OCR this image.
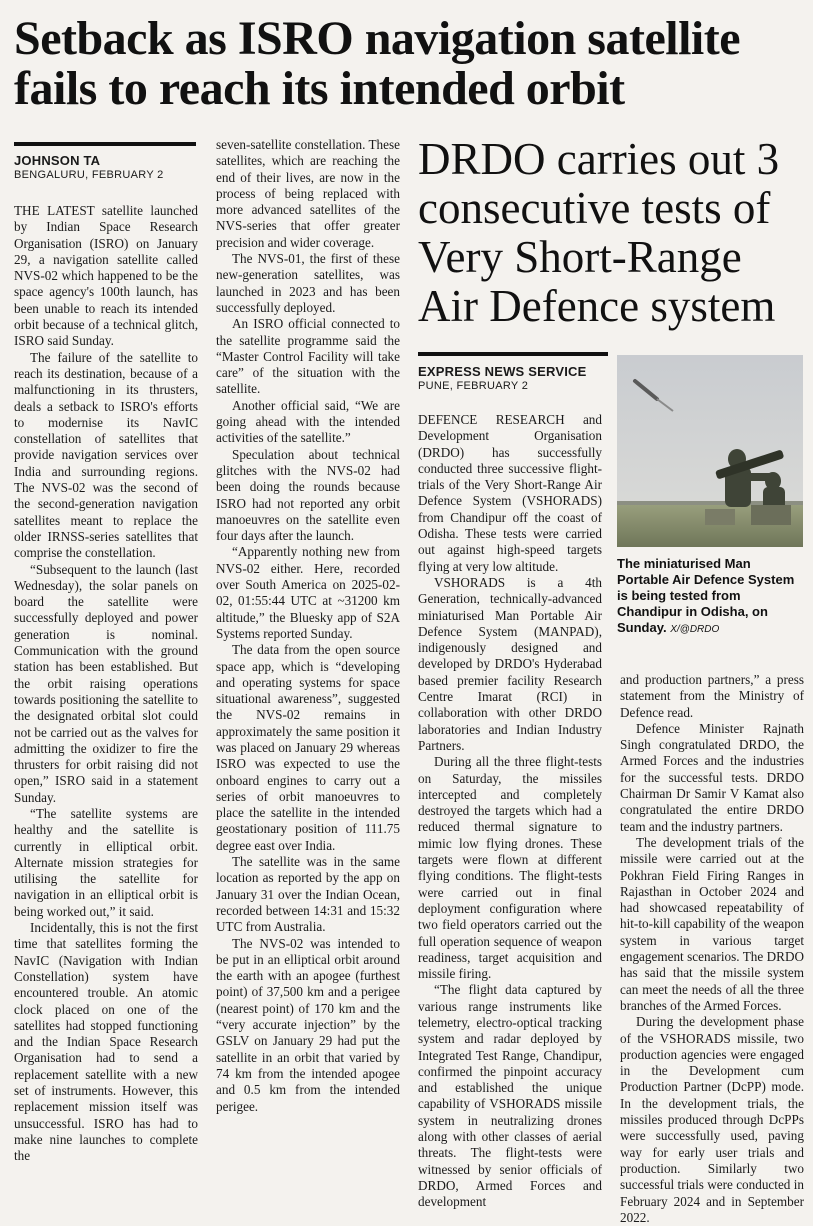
Setback as ISRO navigation satellite fails to reach its intended orbit
JOHNSON TA
BENGALURU, FEBRUARY 2

THE LATEST satellite launched by Indian Space Research Organisation (ISRO) on January 29, a navigation satellite called NVS-02 which happened to be the space agency's 100th launch, has been unable to reach its intended orbit because of a technical glitch, ISRO said Sunday.

The failure of the satellite to reach its destination, because of a malfunctioning in its thrusters, deals a setback to ISRO's efforts to modernise its NavIC constellation of satellites that provide navigation services over India and surrounding regions. The NVS-02 was the second of the second-generation navigation satellites meant to replace the older IRNSS-series satellites that comprise the constellation.

“Subsequent to the launch (last Wednesday), the solar panels on board the satellite were successfully deployed and power generation is nominal. Communication with the ground station has been established. But the orbit raising operations towards positioning the satellite to the designated orbital slot could not be carried out as the valves for admitting the oxidizer to fire the thrusters for orbit raising did not open,” ISRO said in a statement Sunday.

“The satellite systems are healthy and the satellite is currently in elliptical orbit. Alternate mission strategies for utilising the satellite for navigation in an elliptical orbit is being worked out,” it said.

Incidentally, this is not the first time that satellites forming the NavIC (Navigation with Indian Constellation) system have encountered trouble. An atomic clock placed on one of the satellites had stopped functioning and the Indian Space Research Organisation had to send a replacement satellite with a new set of instruments. However, this replacement mission itself was unsuccessful. ISRO has had to make nine launches to complete the

seven-satellite constellation. These satellites, which are reaching the end of their lives, are now in the process of being replaced with more advanced satellites of the NVS-series that offer greater precision and wider coverage.

The NVS-01, the first of these new-generation satellites, was launched in 2023 and has been successfully deployed.

An ISRO official connected to the satellite programme said the “Master Control Facility will take care” of the situation with the satellite.

Another official said, “We are going ahead with the intended activities of the satellite.”

Speculation about technical glitches with the NVS-02 had been doing the rounds because ISRO had not reported any orbit manoeuvres on the satellite even four days after the launch.

“Apparently nothing new from NVS-02 either. Here, recorded over South America on 2025-02-02, 01:55:44 UTC at ~31200 km altitude,” the Bluesky app of S2A Systems reported Sunday.

The data from the open source space app, which is “developing and operating systems for space situational awareness”, suggested the NVS-02 remains in approximately the same position it was placed on January 29 whereas ISRO was expected to use the onboard engines to carry out a series of orbit manoeuvres to place the satellite in the intended geostationary position of 111.75 degree east over India.

The satellite was in the same location as reported by the app on January 31 over the Indian Ocean, recorded between 14:31 and 15:32 UTC from Australia.

The NVS-02 was intended to be put in an elliptical orbit around the earth with an apogee (furthest point) of 37,500 km and a perigee (nearest point) of 170 km and the “very accurate injection” by the GSLV on January 29 had put the satellite in an orbit that varied by 74 km from the intended apogee and 0.5 km from the intended perigee.

DRDO carries out 3 consecutive tests of Very Short-Range Air Defence system
EXPRESS NEWS SERVICE
PUNE, FEBRUARY 2

DEFENCE RESEARCH and Development Organisation (DRDO) has successfully conducted three successive flight-trials of the Very Short-Range Air Defence System (VSHORADS) from Chandipur off the coast of Odisha. These tests were carried out against high-speed targets flying at very low altitude.

VSHORADS is a 4th Generation, technically-advanced miniaturised Man Portable Air Defence System (MANPAD), indigenously designed and developed by DRDO's Hyderabad based premier facility Research Centre Imarat (RCI) in collaboration with other DRDO laboratories and Indian Industry Partners.

During all the three flight-tests on Saturday, the missiles intercepted and completely destroyed the targets which had a reduced thermal signature to mimic low flying drones. These targets were flown at different flying conditions. The flight-tests were carried out in final deployment configuration where two field operators carried out the full operation sequence of weapon readiness, target acquisition and missile firing.

“The flight data captured by various range instruments like telemetry, electro-optical tracking system and radar deployed by Integrated Test Range, Chandipur, confirmed the pinpoint accuracy and established the unique capability of VSHORADS missile system in neutralizing drones along with other classes of aerial threats. The flight-tests were witnessed by senior officials of DRDO, Armed Forces and development

The miniaturised Man Portable Air Defence System is being tested from Chandipur in Odisha, on Sunday. X/@DRDO

and production partners,” a press statement from the Ministry of Defence read.

Defence Minister Rajnath Singh congratulated DRDO, the Armed Forces and the industries for the successful tests. DRDO Chairman Dr Samir V Kamat also congratulated the entire DRDO team and the industry partners.

The development trials of the missile were carried out at the Pokhran Field Firing Ranges in Rajasthan in October 2024 and had showcased repeatability of hit-to-kill capability of the weapon system in various target engagement scenarios. The DRDO has said that the missile system can meet the needs of all the three branches of the Armed Forces.

During the development phase of the VSHORADS missile, two production agencies were engaged in the Development cum Production Partner (DcPP) mode. In the development trials, the missiles produced through DcPPs were successfully used, paving way for early user trials and production. Similarly two successful trials were conducted in February 2024 and in September 2022.
